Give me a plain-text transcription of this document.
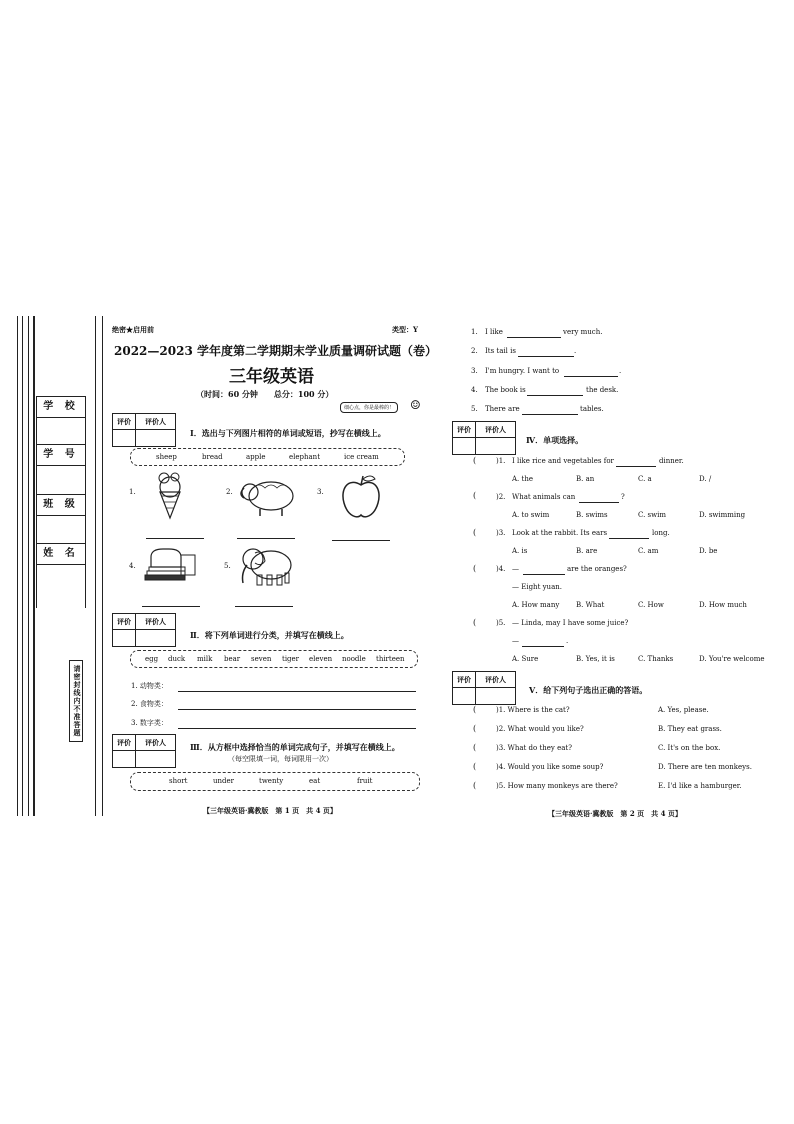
学 校
学 号
班 级
姓 名
请密封线内不准答题
绝密★启用前	类型：Y
2022—2023 学年度第二学期期末学业质量调研试题（卷）
三年级英语
（时间：60 分钟　　总分：100 分）
细心点，你是最棒的！	☺
评价	评价人
Ⅰ．选出与下列图片相符的单词或短语，抄写在横线上。
sheep	bread	apple	elephant	ice cream
1.	2.	3.
4.	5.
评价	评价人
Ⅱ．将下列单词进行分类，并填写在横线上。
egg duck milk bear seven tiger eleven noodle thirteen
1. 动物类：
2. 食物类：
3. 数字类：
评价	评价人	Ⅲ．从方框中选择恰当的单词完成句子，并填写在横线上。
（每空限填一词，每词限用一次）
short	under	twenty	eat	fruit
【三年级英语·冀教版　第 1 页　共 4 页】
1. I like	very much.
2. Its tail is	.
3. I'm hungry. I want to	.
4. The book is	the desk.
5. There are	tables.
评价	评价人
Ⅳ．单项选择。
(	)1. I like rice and vegetables for	dinner.
A. the	B. an	C. a	D. /
(	)2. What animals can	?
A. to swim	B. swims	C. swim	D. swimming
(	)3. Look at the rabbit. Its ears	long.
A. is	B. are	C. am	D. be
(	)4. —	are the oranges?
— Eight yuan.
A. How many B. What	C. How	D. How much
(	)5. — Linda, may I have some juice?
—	.
A. Sure	B. Yes, it is	C. Thanks	D. You're welcome
评价	评价人
Ⅴ．给下列句子选出正确的答语。
(	)1. Where is the cat?	A. Yes, please.
(	)2. What would you like?	B. They eat grass.
(	)3. What do they eat?	C. It's on the box.
(	)4. Would you like some soup?	D. There are ten monkeys.
(	)5. How many monkeys are there?	E. I'd like a hamburger.
【三年级英语·冀教版　第 2 页　共 4 页】
